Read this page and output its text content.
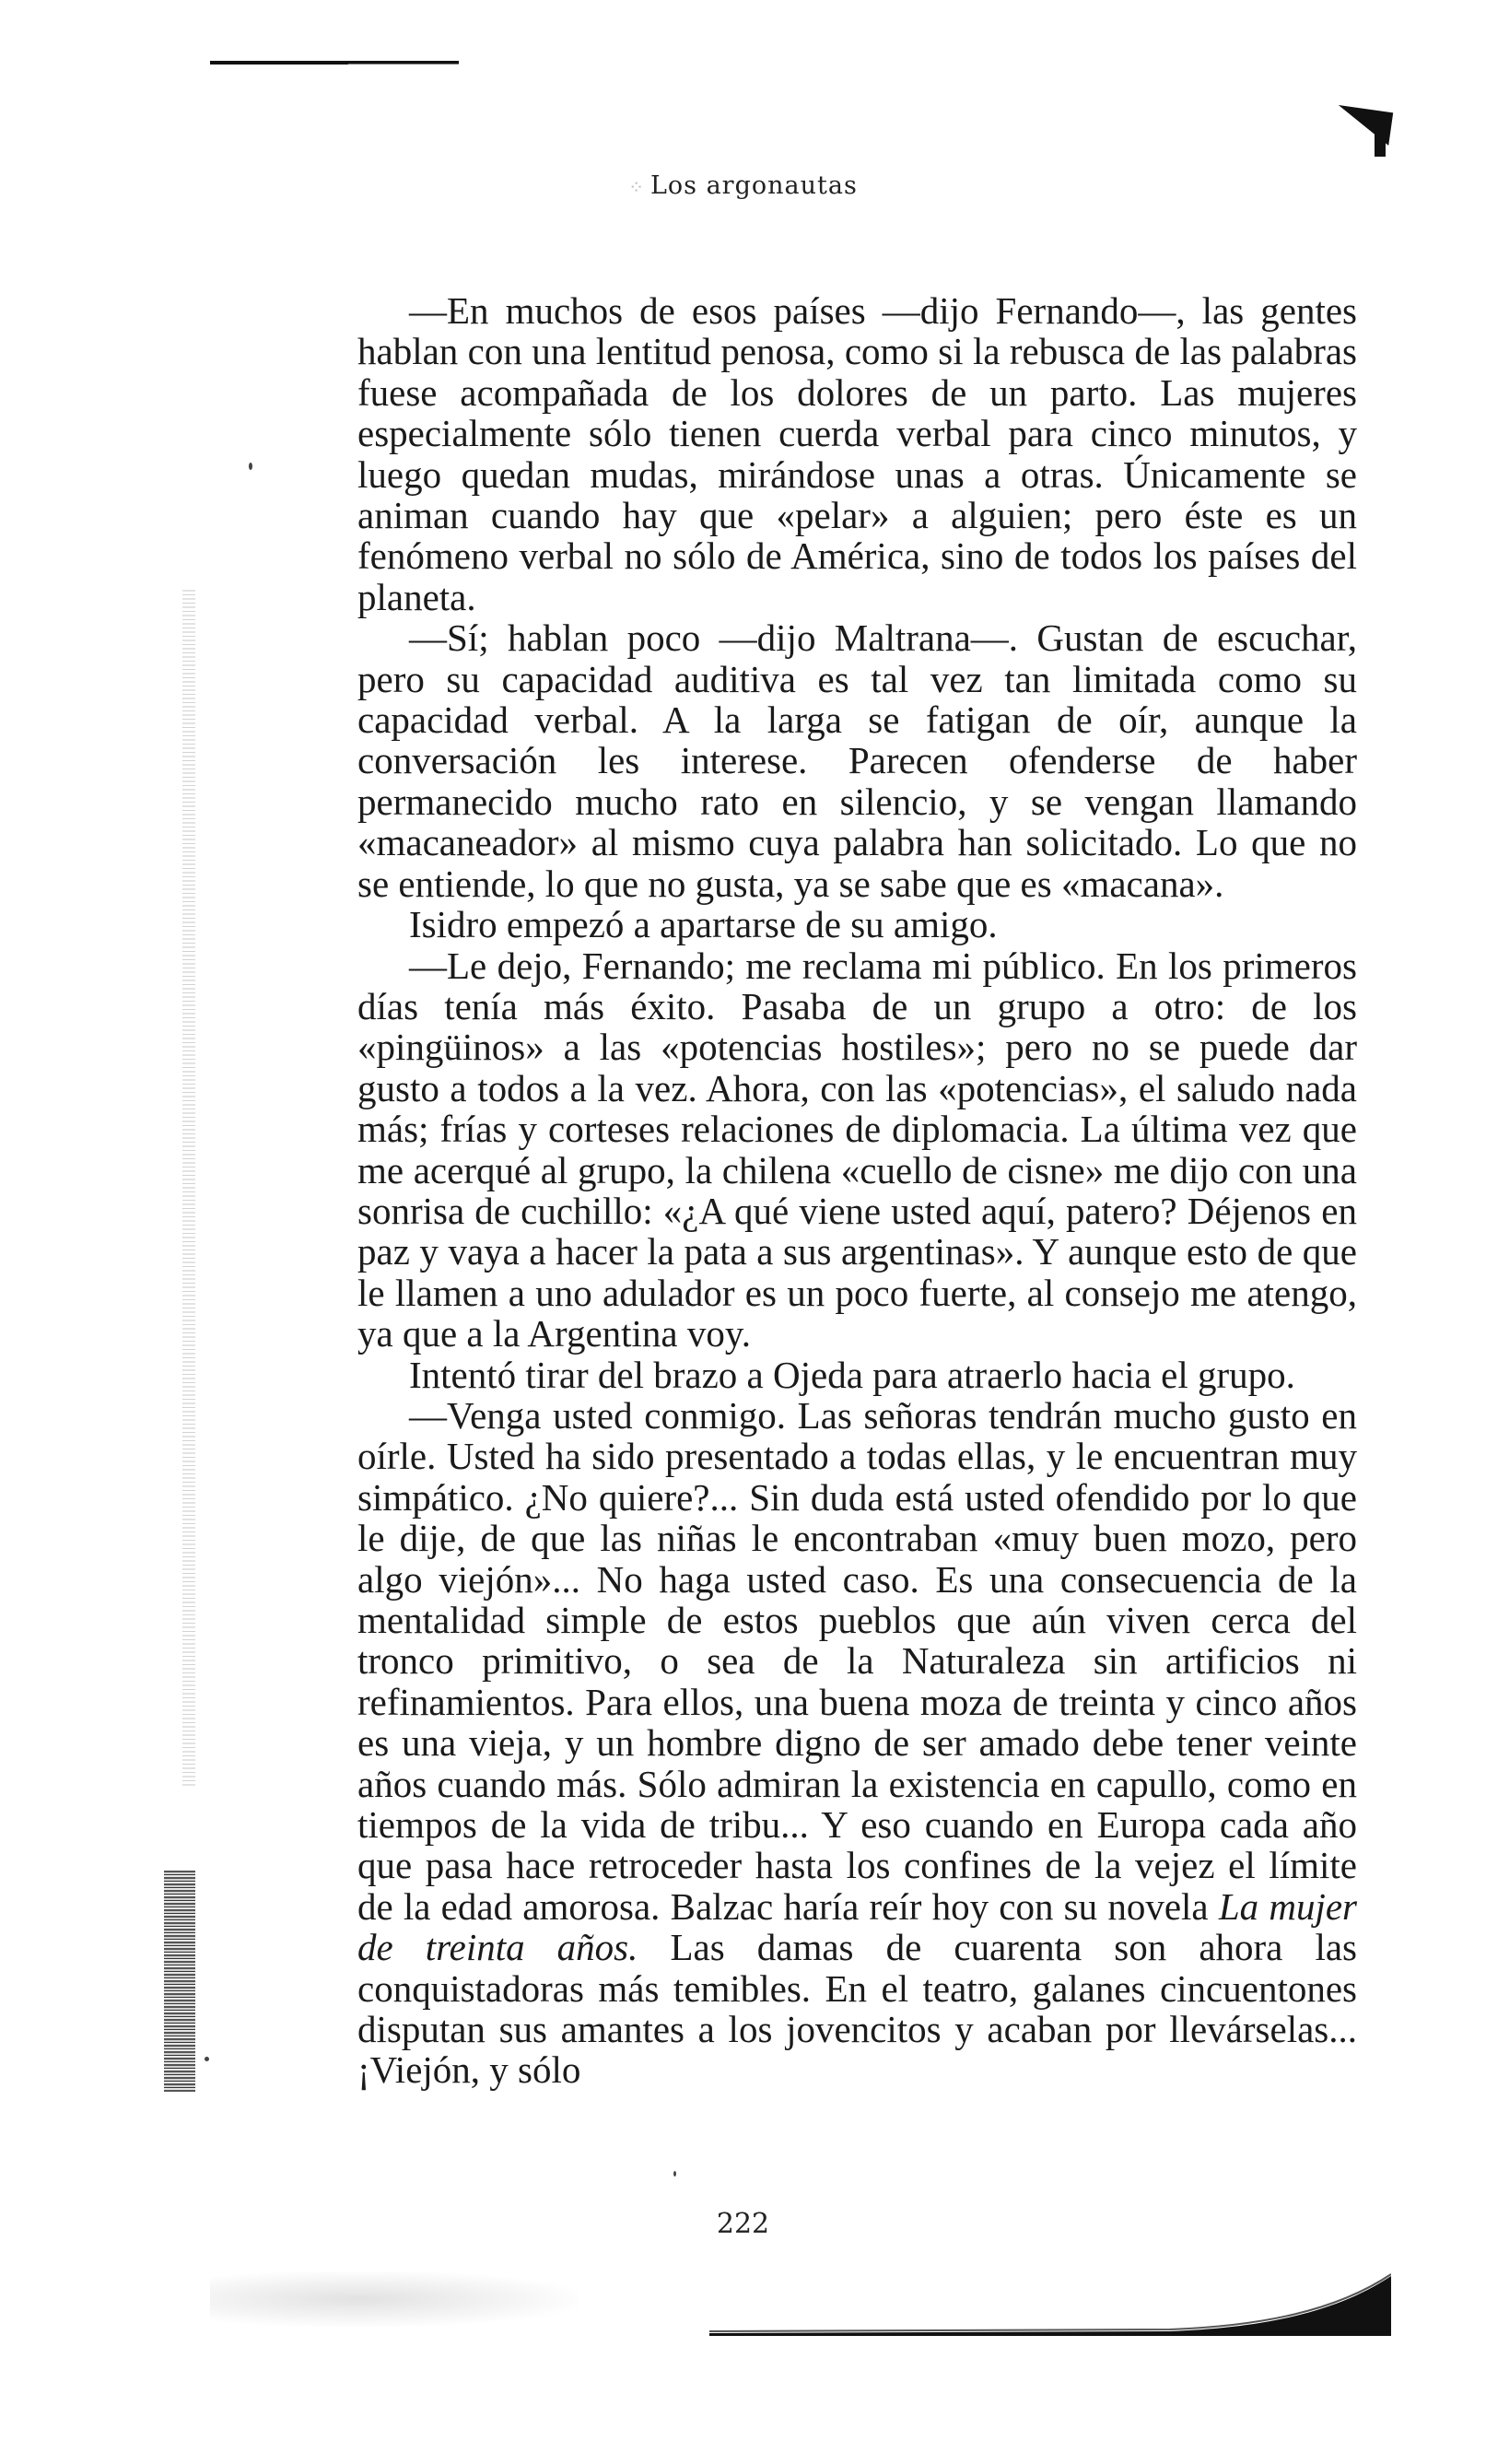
⁘ Los argonautas

—En muchos de esos países —dijo Fernando—, las gentes hablan con una lentitud penosa, como si la rebusca de las palabras fuese acompañada de los dolores de un parto. Las mujeres especialmente sólo tienen cuerda verbal para cinco minutos, y luego quedan mudas, mirándose unas a otras. Únicamente se animan cuando hay que «pelar» a alguien; pero éste es un fenómeno verbal no sólo de América, sino de todos los países del planeta.

—Sí; hablan poco —dijo Maltrana—. Gustan de escuchar, pero su capacidad auditiva es tal vez tan limitada como su capacidad verbal. A la larga se fatigan de oír, aunque la conversación les interese. Parecen ofenderse de haber permanecido mucho rato en silencio, y se vengan llamando «macaneador» al mismo cuya palabra han solicitado. Lo que no se entiende, lo que no gusta, ya se sabe que es «macana».

Isidro empezó a apartarse de su amigo.

—Le dejo, Fernando; me reclama mi público. En los primeros días tenía más éxito. Pasaba de un grupo a otro: de los «pingüinos» a las «potencias hostiles»; pero no se puede dar gusto a todos a la vez. Ahora, con las «potencias», el saludo nada más; frías y corteses relaciones de diplomacia. La última vez que me acerqué al grupo, la chilena «cuello de cisne» me dijo con una sonrisa de cuchillo: «¿A qué viene usted aquí, patero? Déjenos en paz y vaya a hacer la pata a sus argentinas». Y aunque esto de que le llamen a uno adulador es un poco fuerte, al consejo me atengo, ya que a la Argentina voy.

Intentó tirar del brazo a Ojeda para atraerlo hacia el grupo.

—Venga usted conmigo. Las señoras tendrán mucho gusto en oírle. Usted ha sido presentado a todas ellas, y le encuentran muy simpático. ¿No quiere?... Sin duda está usted ofendido por lo que le dije, de que las niñas le encontraban «muy buen mozo, pero algo viejón»... No haga usted caso. Es una consecuencia de la mentalidad simple de estos pueblos que aún viven cerca del tronco primitivo, o sea de la Naturaleza sin artificios ni refinamientos. Para ellos, una buena moza de treinta y cinco años es una vieja, y un hombre digno de ser amado debe tener veinte años cuando más. Sólo admiran la existencia en capullo, como en tiempos de la vida de tribu... Y eso cuando en Europa cada año que pasa hace retroceder hasta los confines de la vejez el límite de la edad amorosa. Balzac haría reír hoy con su novela La mujer de treinta años. Las damas de cuarenta son ahora las conquistadoras más temibles. En el teatro, galanes cincuentones disputan sus amantes a los jovencitos y acaban por llevárselas... ¡Viejón, y sólo

222
